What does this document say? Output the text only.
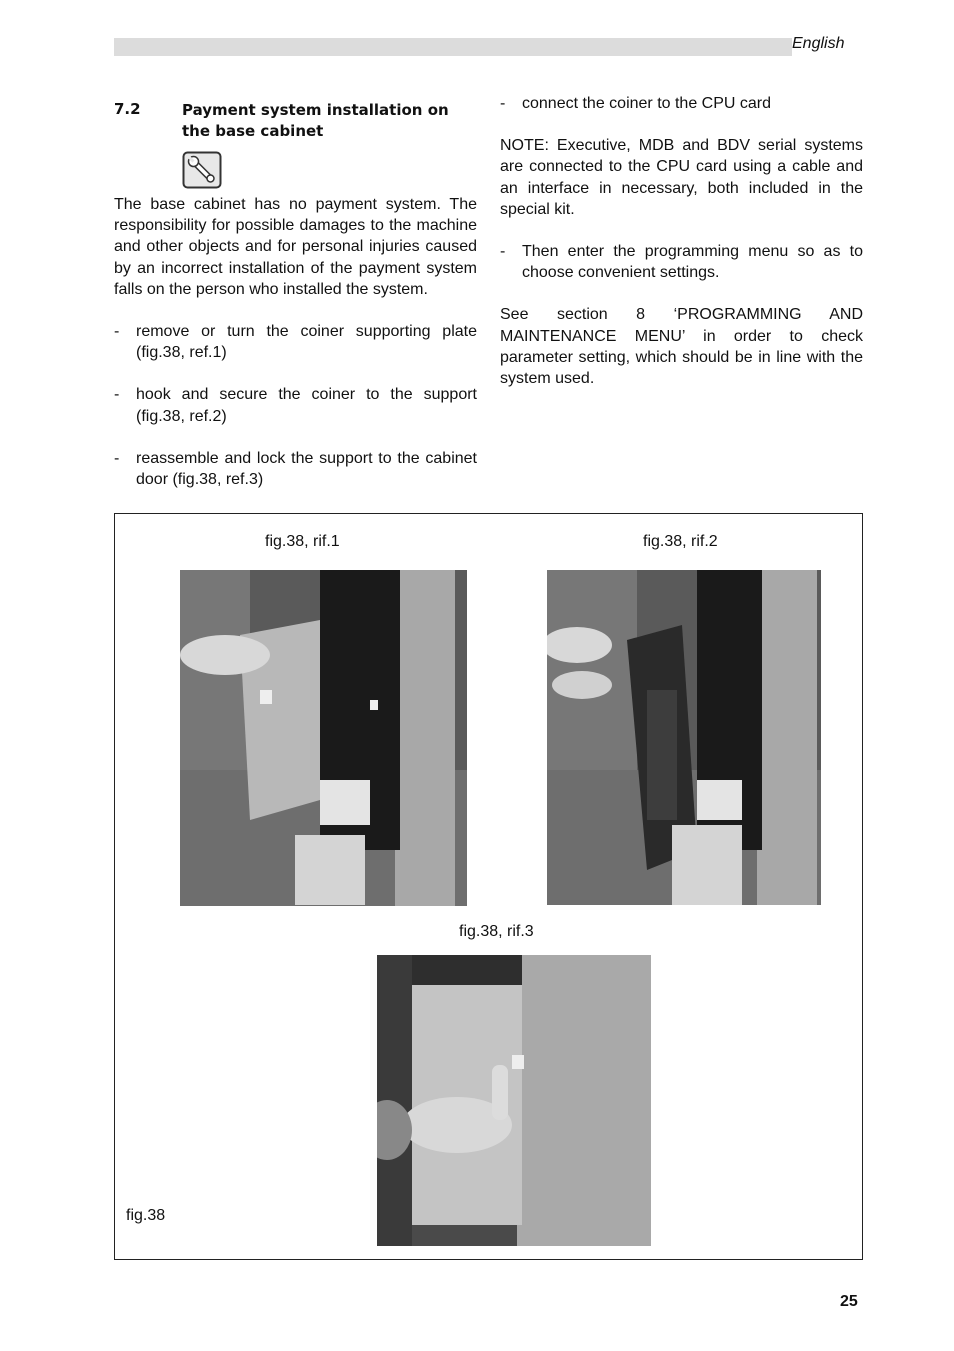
English
7.2	Payment system installation on the base cabinet

The base cabinet has no payment system. The responsibility for possible damages to the machine and other objects and for personal injuries caused by an incorrect installation of the payment system falls on the person who installed the system.

- remove or turn the coiner supporting plate (fig.38, ref.1)

- hook and secure the coiner to the support (fig.38, ref.2)

- reassemble and lock the support to the cabinet door (fig.38, ref.3)

- connect the coiner to the CPU card

NOTE: Executive, MDB and BDV serial systems are connected to the CPU card using a cable and an interface in necessary, both included in the special kit.

- Then enter the programming menu so as to choose convenient settings.

See section 8 ‘PROGRAMMING AND MAINTENANCE MENU’ in order to check parameter setting, which should be in line with the system used.

fig.38, rif.1	fig.38, rif.2
fig.38, rif.3
fig.38
25
